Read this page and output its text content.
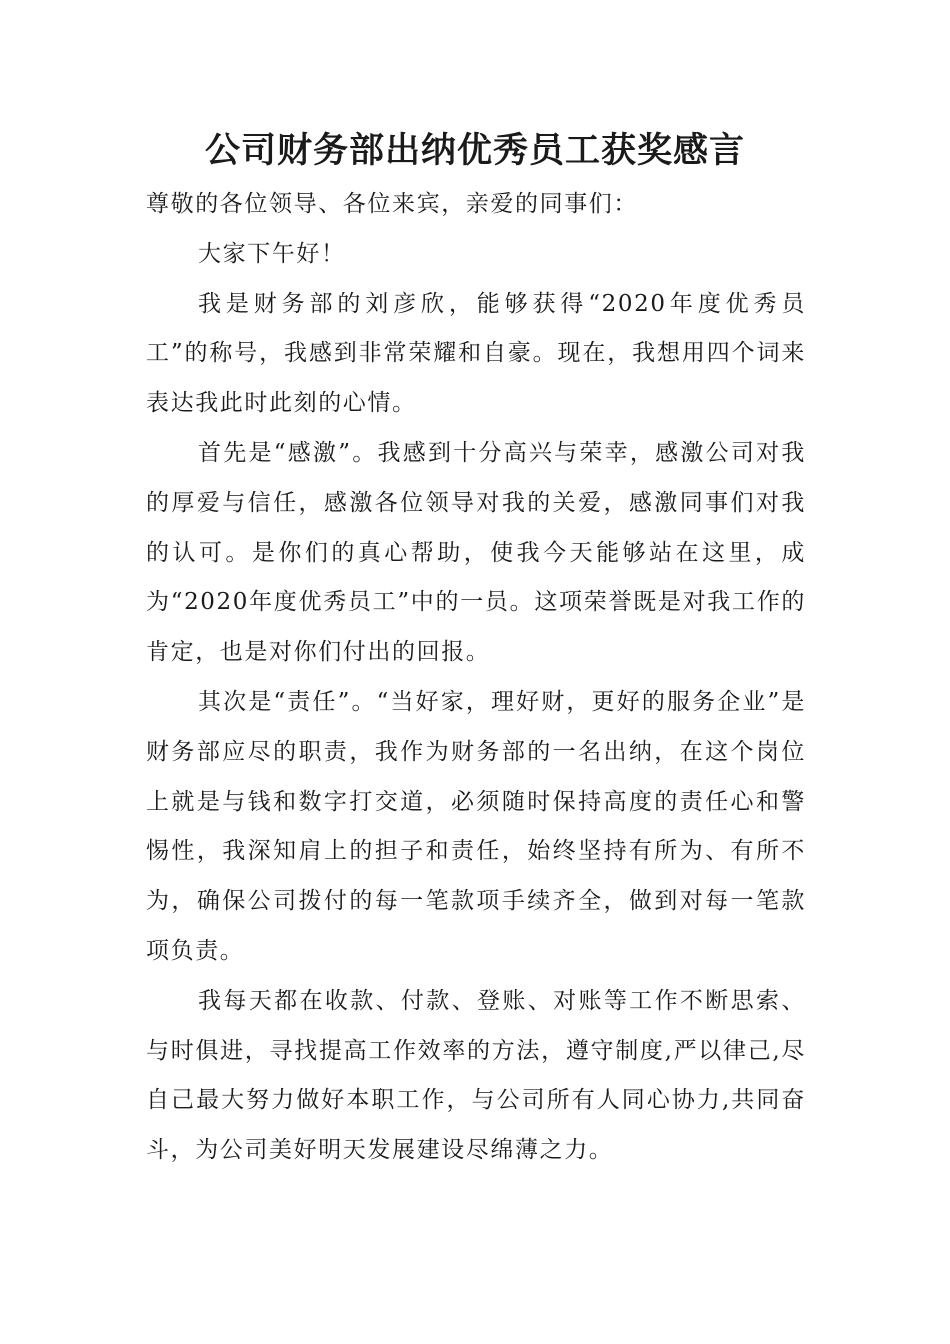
公司财务部出纳优秀员工获奖感言

尊敬的各位领导、各位来宾，亲爱的同事们：

大家下午好！

我是财务部的刘彦欣，能够获得“2020年度优秀员工”的称号，我感到非常荣耀和自豪。现在，我想用四个词来表达我此时此刻的心情。

首先是“感激”。我感到十分高兴与荣幸，感激公司对我的厚爱与信任，感激各位领导对我的关爱，感激同事们对我的认可。是你们的真心帮助，使我今天能够站在这里，成为“2020年度优秀员工”中的一员。这项荣誉既是对我工作的肯定，也是对你们付出的回报。

其次是“责任”。“当好家，理好财，更好的服务企业”是财务部应尽的职责，我作为财务部的一名出纳，在这个岗位上就是与钱和数字打交道，必须随时保持高度的责任心和警惕性，我深知肩上的担子和责任，始终坚持有所为、有所不为，确保公司拨付的每一笔款项手续齐全，做到对每一笔款项负责。

我每天都在收款、付款、登账、对账等工作不断思索、与时俱进，寻找提高工作效率的方法，遵守制度,严以律己,尽自己最大努力做好本职工作，与公司所有人同心协力,共同奋斗，为公司美好明天发展建设尽绵薄之力。
